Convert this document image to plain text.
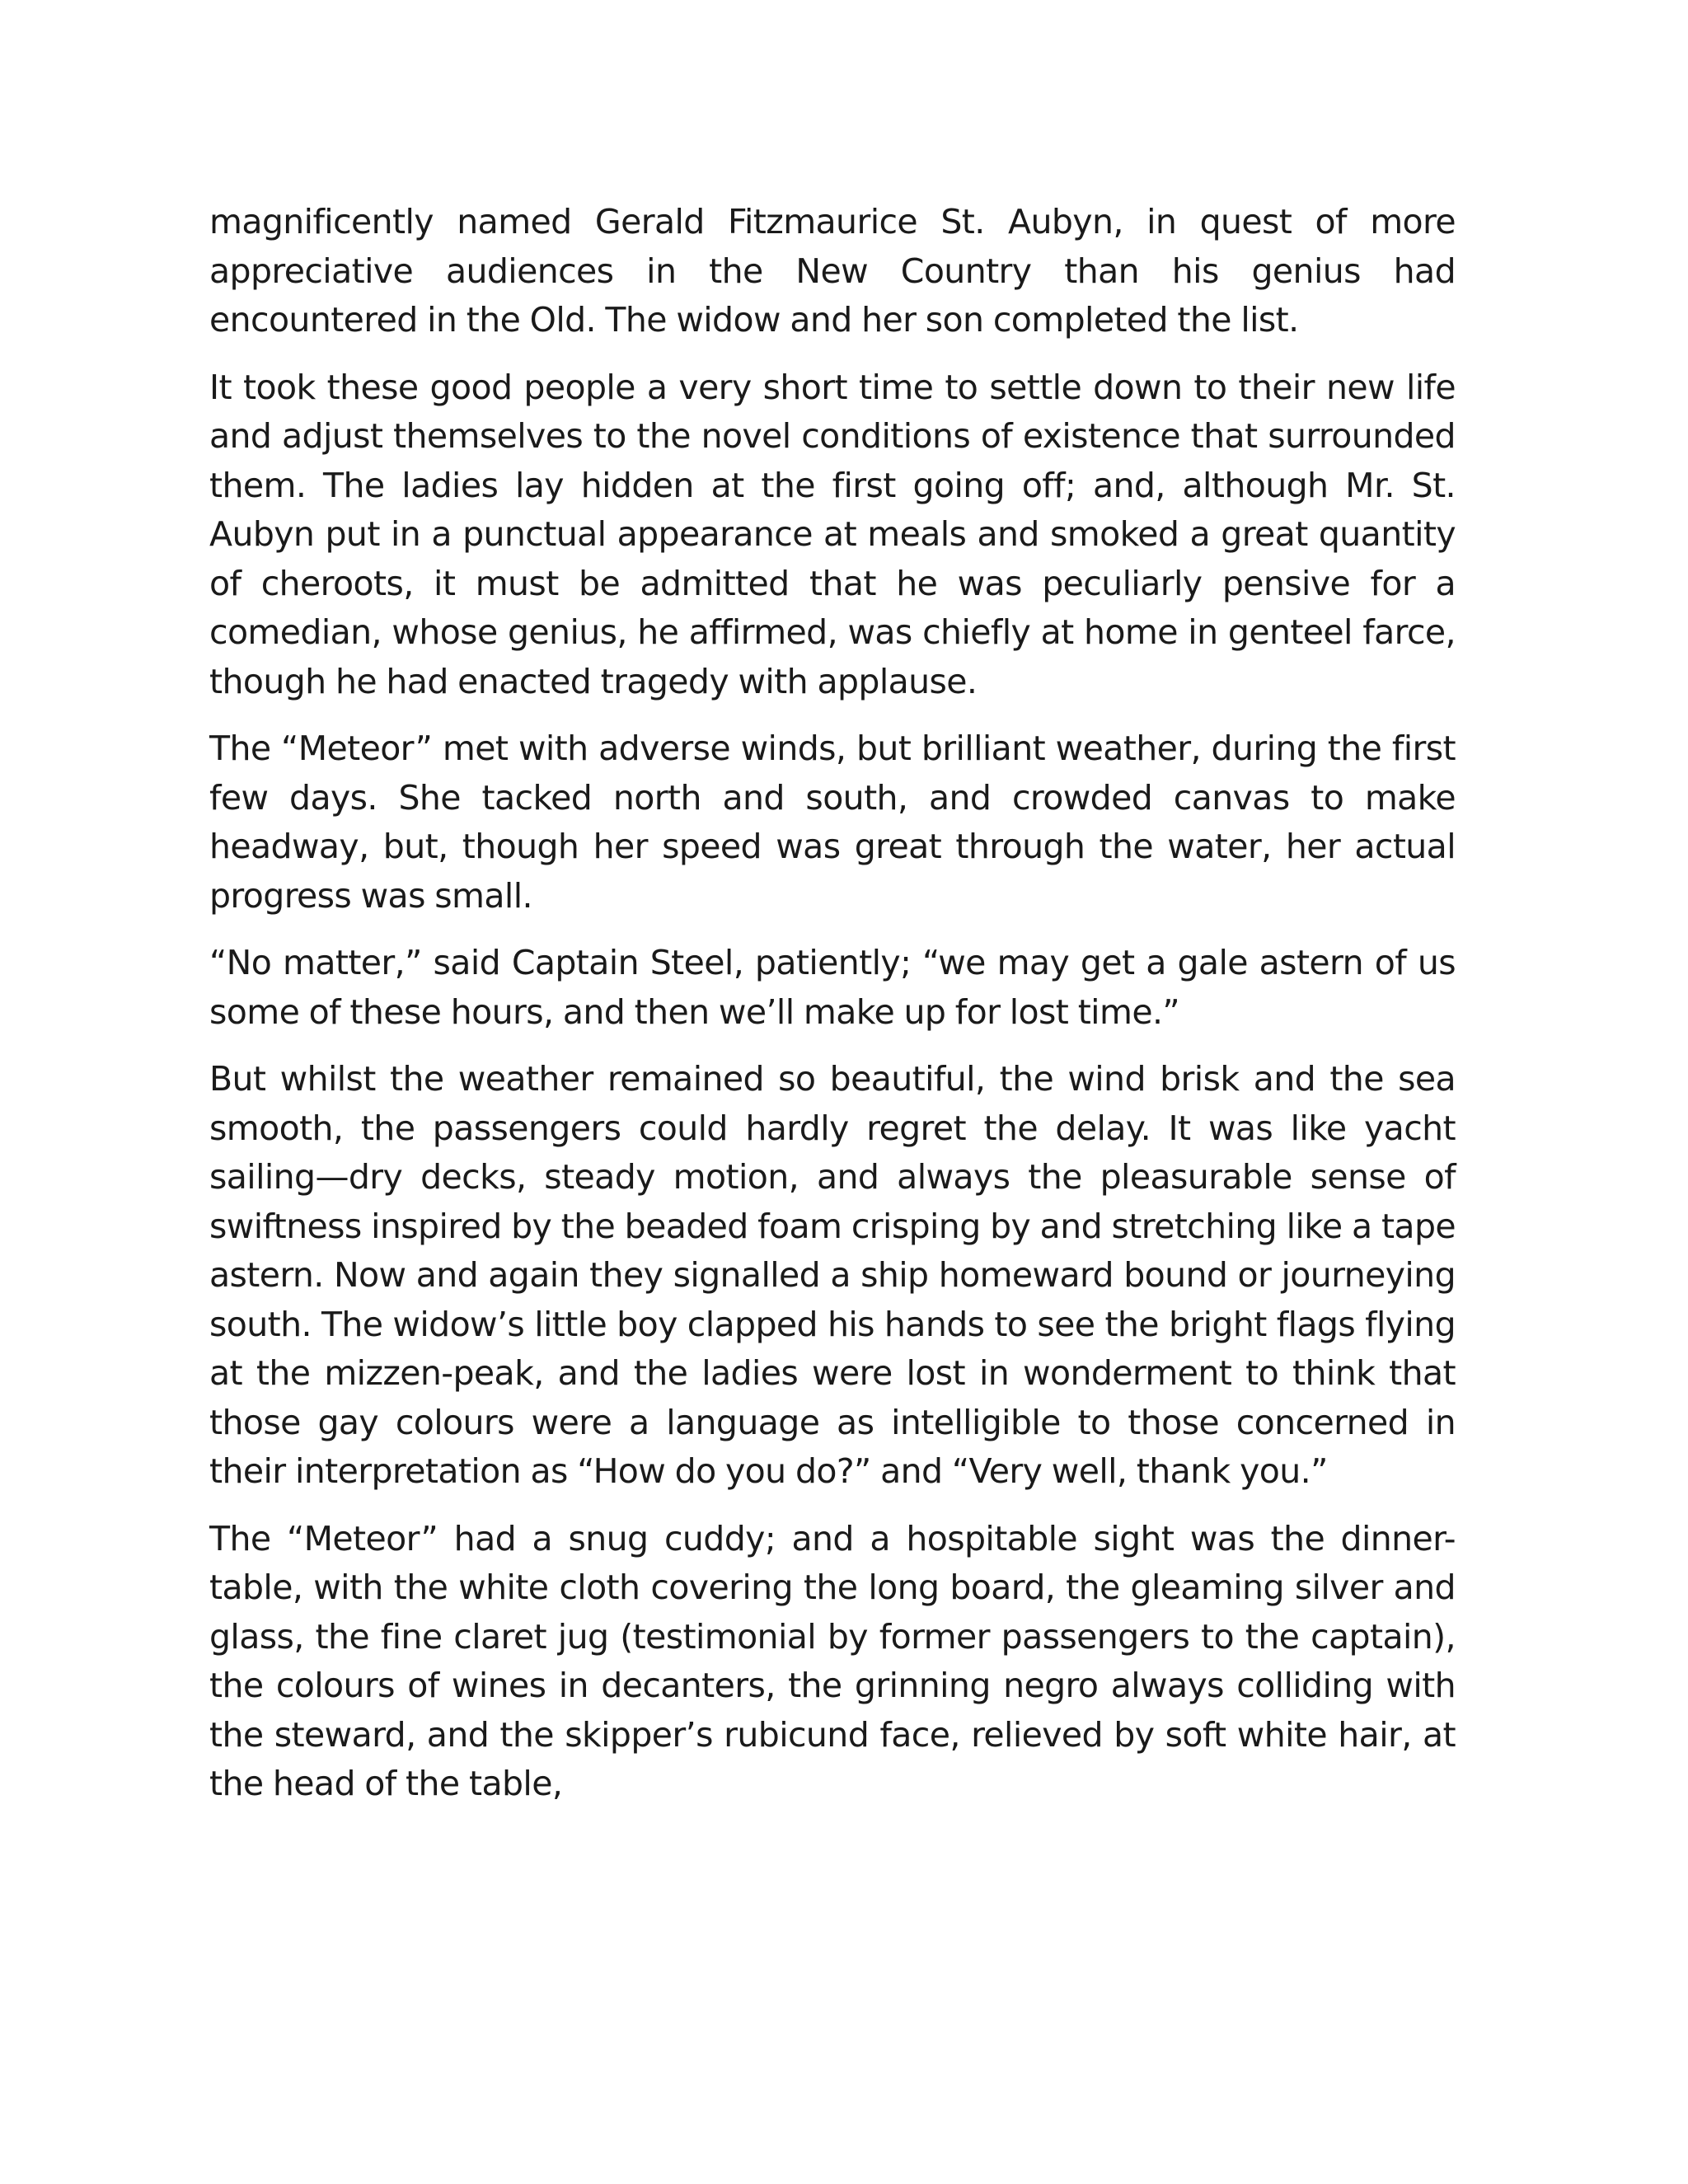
magnificently named Gerald Fitzmaurice St. Aubyn, in quest of more appreciative audiences in the New Country than his genius had encountered in the Old. The widow and her son completed the list.

It took these good people a very short time to settle down to their new life and adjust themselves to the novel conditions of existence that surrounded them. The ladies lay hidden at the first going off; and, although Mr. St. Aubyn put in a punctual appearance at meals and smoked a great quantity of cheroots, it must be admitted that he was peculiarly pensive for a comedian, whose genius, he affirmed, was chiefly at home in genteel farce, though he had enacted tragedy with applause.

The “Meteor” met with adverse winds, but brilliant weather, during the first few days. She tacked north and south, and crowded canvas to make headway, but, though her speed was great through the water, her actual progress was small.

“No matter,” said Captain Steel, patiently; “we may get a gale astern of us some of these hours, and then we’ll make up for lost time.”

But whilst the weather remained so beautiful, the wind brisk and the sea smooth, the passengers could hardly regret the delay. It was like yacht sailing—dry decks, steady motion, and always the pleasurable sense of swiftness inspired by the beaded foam crisping by and stretching like a tape astern. Now and again they signalled a ship homeward bound or journeying south. The widow’s little boy clapped his hands to see the bright flags flying at the mizzen-peak, and the ladies were lost in wonderment to think that those gay colours were a language as intelligible to those concerned in their interpretation as “How do you do?” and “Very well, thank you.”

The “Meteor” had a snug cuddy; and a hospitable sight was the dinner-table, with the white cloth covering the long board, the gleaming silver and glass, the fine claret jug (testimonial by former passengers to the captain), the colours of wines in decanters, the grinning negro always colliding with the steward, and the skipper’s rubicund face, relieved by soft white hair, at the head of the table,
